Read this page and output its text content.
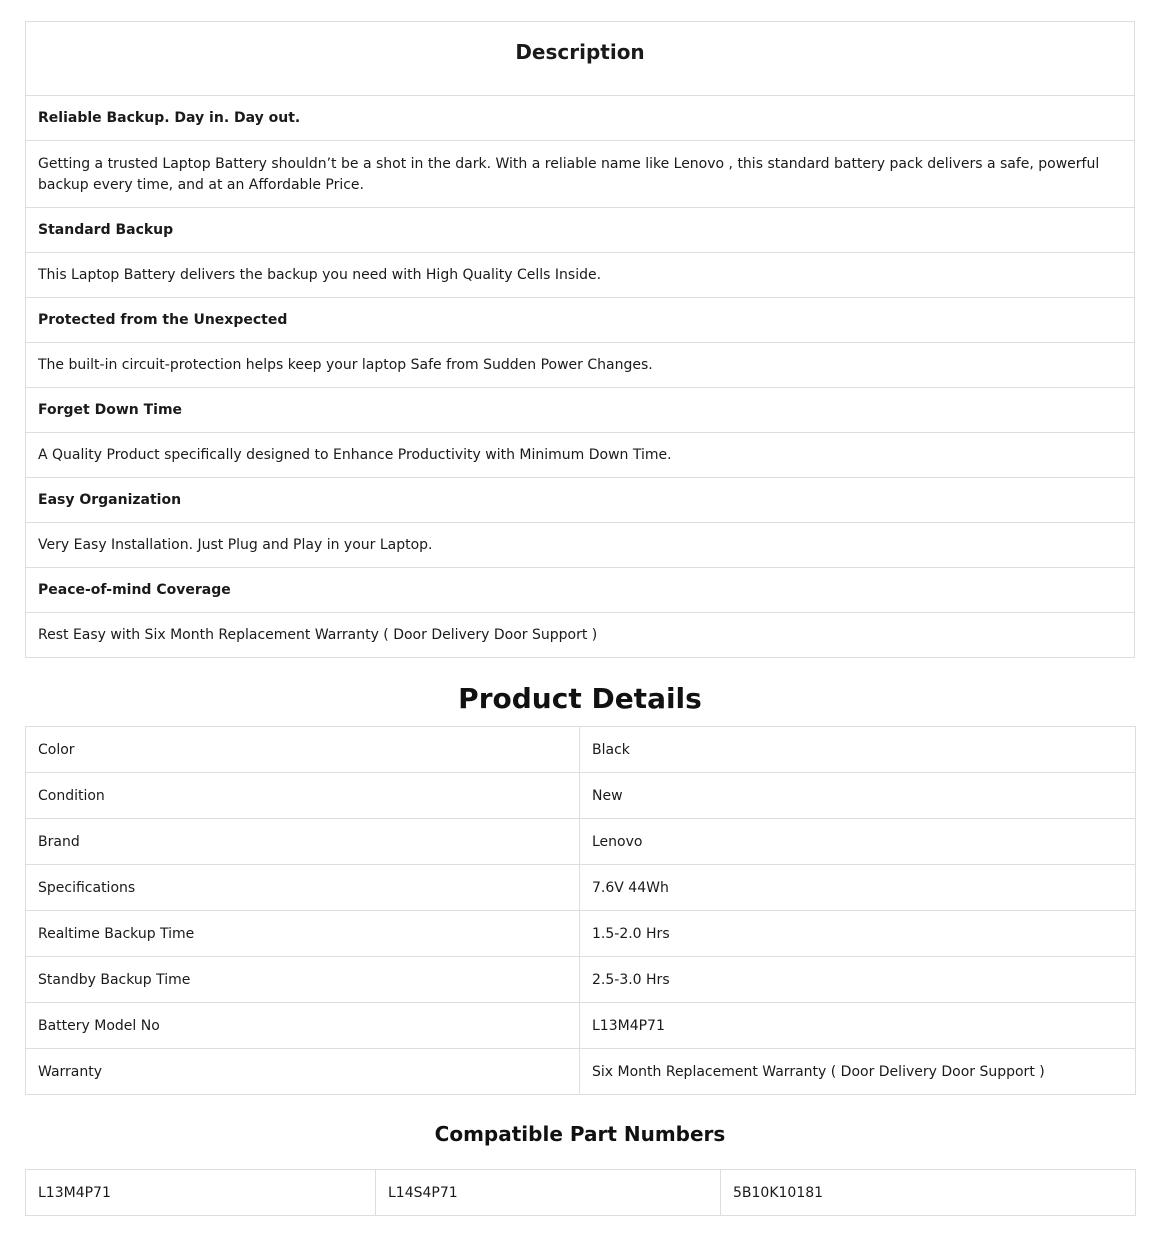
Description
Reliable Backup. Day in. Day out.
Getting a trusted Laptop Battery shouldn’t be a shot in the dark. With a reliable name like Lenovo , this standard battery pack delivers a safe, powerful backup every time, and at an Affordable Price.
Standard Backup
This Laptop Battery delivers the backup you need with High Quality Cells Inside.
Protected from the Unexpected
The built-in circuit-protection helps keep your laptop Safe from Sudden Power Changes.
Forget Down Time
A Quality Product specifically designed to Enhance Productivity with Minimum Down Time.
Easy Organization
Very Easy Installation. Just Plug and Play in your Laptop.
Peace-of-mind Coverage
Rest Easy with Six Month Replacement Warranty ( Door Delivery Door Support )
Product Details
Color	Black
Condition	New
Brand	Lenovo
Specifications	7.6V 44Wh
Realtime Backup Time	1.5-2.0 Hrs
Standby Backup Time	2.5-3.0 Hrs
Battery Model No	L13M4P71
Warranty	Six Month Replacement Warranty ( Door Delivery Door Support )
Compatible Part Numbers
L13M4P71	L14S4P71	5B10K10181
